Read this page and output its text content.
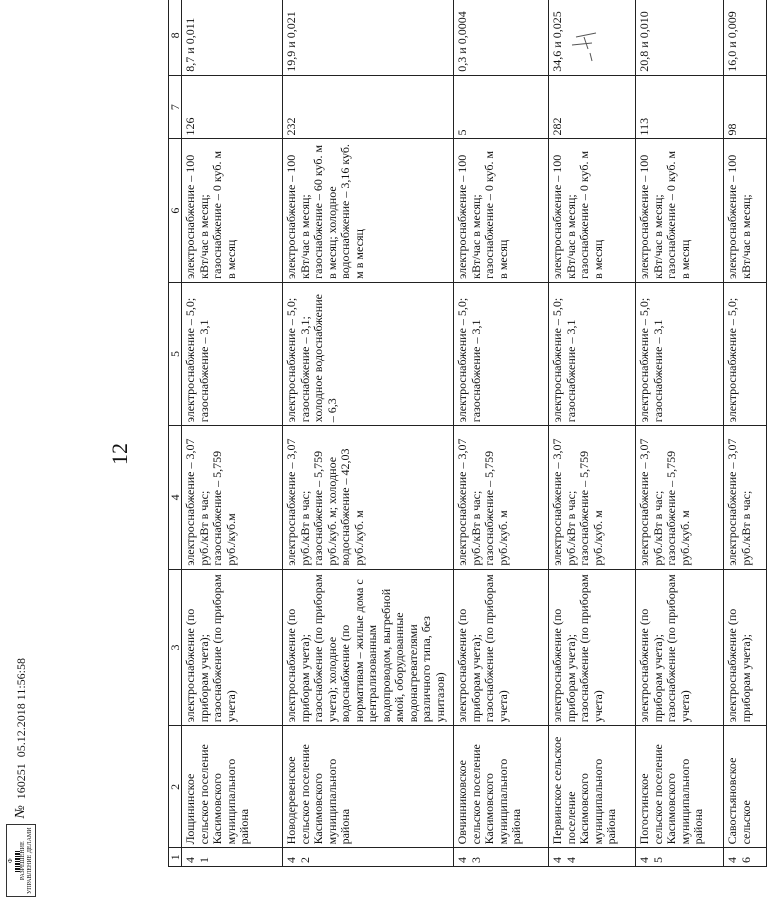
12
Ф РАЗРЕШЕНИЕ УПРАВЛЕНИЕ ДЕЛАМИ
№
160251
05.12.2018 11:56:58
1	2	3	4	5	6	7	8
41	Лощининское сельское поселение Касимовского муниципального района	электроснабжение (по приборам учета); газоснабжение (по приборам учета)	электроснабжение – 3,07 руб./кВт в час; газоснабжение – 5,759 руб./куб.м	электроснабжение – 5,0; газоснабжение – 3,1	электроснабжение – 100 кВт/час в месяц; газоснабжение – 0 куб. м в месяц	126	8,7 и 0,011
42	Новодеревенское сельское поселение Касимовского муниципального района	электроснабжение (по приборам учета); газоснабжение (по приборам учета); холодное водоснабжение (по нормативам – жилые дома с централизованным водопроводом, выгребной ямой, оборудованные водонагревателями различного типа, без унитазов)	электроснабжение – 3,07 руб./кВт в час; газоснабжение – 5,759 руб./куб. м; холодное водоснабжение – 42,03 руб./куб. м	электроснабжение – 5,0; газоснабжение – 3,1; холодное водоснабжение – 6,3	электроснабжение – 100 кВт/час в месяц; газоснабжение – 60 куб. м в месяц; холодное водоснабжение – 3,16 куб. м в месяц	232	19,9 и 0,021
43	Овчинниковское сельское поселение Касимовского муниципального района	электроснабжение (по приборам учета); газоснабжение (по приборам учета)	электроснабжение – 3,07 руб./кВт в час; газоснабжение – 5,759 руб./куб. м	электроснабжение – 5,0; газоснабжение – 3,1	электроснабжение – 100 кВт/час в месяц; газоснабжение – 0 куб. м в месяц	5	0,3 и 0,0004
44	Первинское сельское поселение Касимовского муниципального района	электроснабжение (по приборам учета); газоснабжение (по приборам учета)	электроснабжение – 3,07 руб./кВт в час; газоснабжение – 5,759 руб./куб. м	электроснабжение – 5,0; газоснабжение – 3,1	электроснабжение – 100 кВт/час в месяц; газоснабжение – 0 куб. м в месяц	282	34,6 и 0,025
45	Погостинское сельское поселение Касимовского муниципального района	электроснабжение (по приборам учета); газоснабжение (по приборам учета)	электроснабжение – 3,07 руб./кВт в час; газоснабжение – 5,759 руб./куб. м	электроснабжение – 5,0; газоснабжение – 3,1	электроснабжение – 100 кВт/час в месяц; газоснабжение – 0 куб. м в месяц	113	20,8 и 0,010
46	Савостьяновское сельское	электроснабжение (по приборам учета);	электроснабжение – 3,07 руб./кВт в час;	электроснабжение – 5,0;	электроснабжение – 100 кВт/час в месяц;	98	16,0 и 0,009
